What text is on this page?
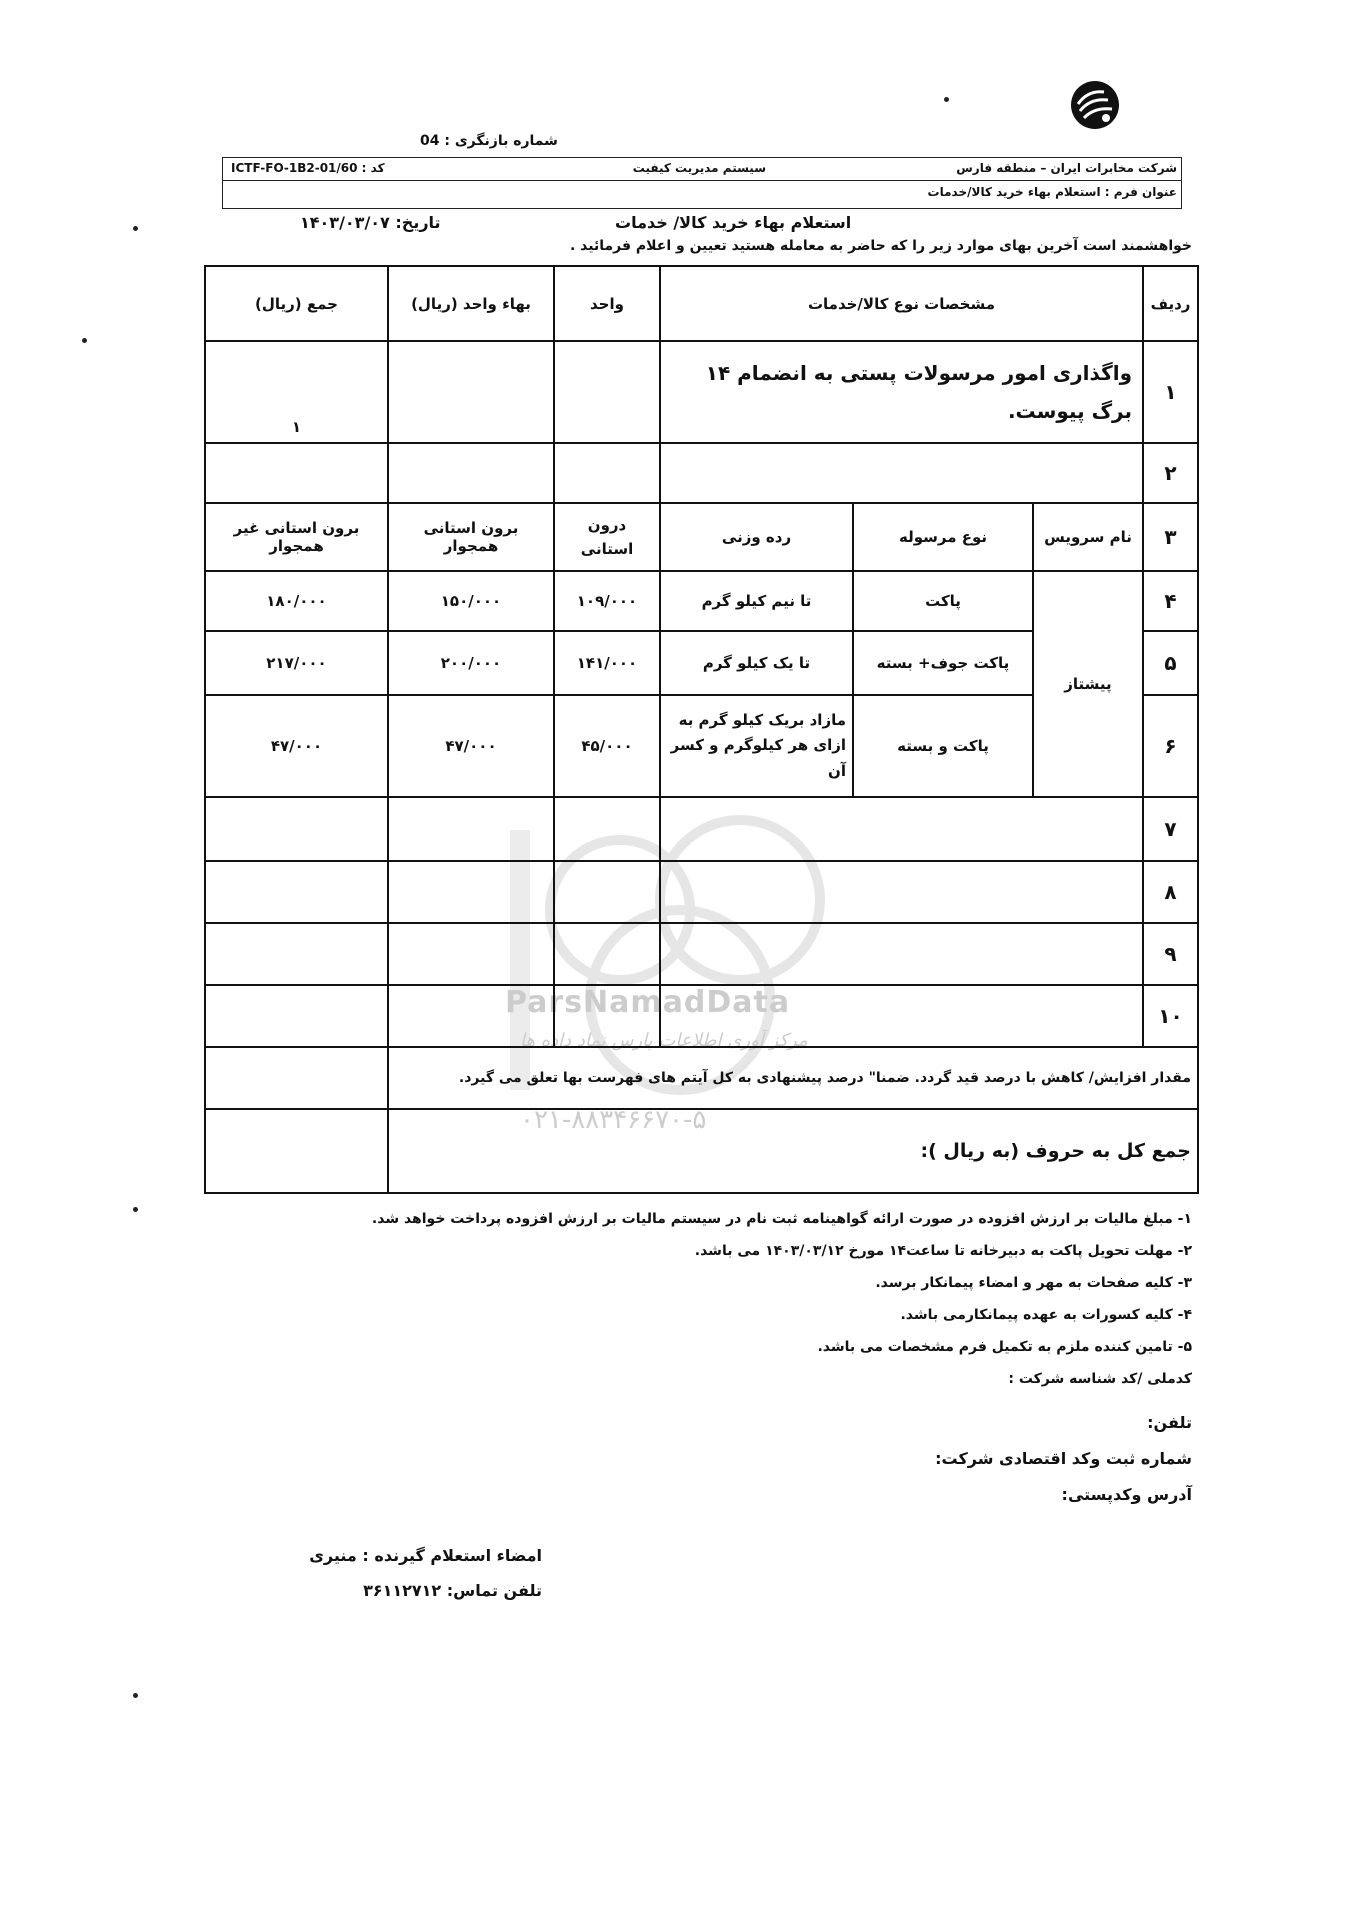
شماره بازنگری : 04
شرکت مخابرات ایران – منطقه فارس
سیستم مدیریت کیفیت
کد : ICTF-FO-1B2-01/60
عنوان فرم : استعلام بهاء خرید کالا/خدمات
استعلام بهاء خرید کالا/ خدمات
تاریخ: ۱۴۰۳/۰۳/۰۷
خواهشمند است آخرین بهای موارد زیر را که حاضر به معامله هستید تعیین و اعلام فرمائید .
ParsNamadData
مرکز آوری اطلاعات پارس نماد داده ها
۰۲۱-۸۸۳۴۶۶۷۰-۵
ردیف	مشخصات نوع کالا/خدمات			واحد	بهاء واحد (ریال)	جمع (ریال)
۱	واگذاری امور مرسولات پستی به انضمام ۱۴ برگ پیوست.					۱
۲						
۳	نام سرویس	نوع مرسوله	رده وزنی	درون استانی	برون استانی همجوار	برون استانی غیر همجوار
۴	پیشتاز	پاکت	تا نیم کیلو گرم	۱۰۹/۰۰۰	۱۵۰/۰۰۰	۱۸۰/۰۰۰
۵		پاکت جوف+ بسته	تا یک کیلو گرم	۱۴۱/۰۰۰	۲۰۰/۰۰۰	۲۱۷/۰۰۰
۶		پاکت و بسته	مازاد بریک کیلو گرم به ازای هر کیلوگرم و کسر آن	۴۵/۰۰۰	۴۷/۰۰۰	۴۷/۰۰۰
۷						
۸						
۹						
۱۰						
مقدار افزایش/ کاهش با درصد قید گردد. ضمنا" درصد پیشنهادی به کل آیتم های فهرست بها تعلق می گیرد.						
جمع کل به حروف (به ریال ):						
۱- مبلغ مالیات بر ارزش افزوده در صورت ارائه گواهینامه ثبت نام در سیستم مالیات بر ارزش افزوده پرداخت خواهد شد.
۲- مهلت تحویل پاکت به دبیرخانه تا ساعت۱۴ مورخ ۱۴۰۳/۰۳/۱۲ می باشد.
۳- کلیه صفحات به مهر و امضاء پیمانکار برسد.
۴- کلیه کسورات به عهده پیمانکارمی باشد.
۵- تامین کننده ملزم به تکمیل فرم مشخصات می باشد.
کدملی /کد شناسه شرکت :
تلفن:
شماره ثبت وکد اقتصادی شرکت:
آدرس وکدپستی:
امضاء استعلام گیرنده : منیری
تلفن تماس: ۳۶۱۱۲۷۱۲
